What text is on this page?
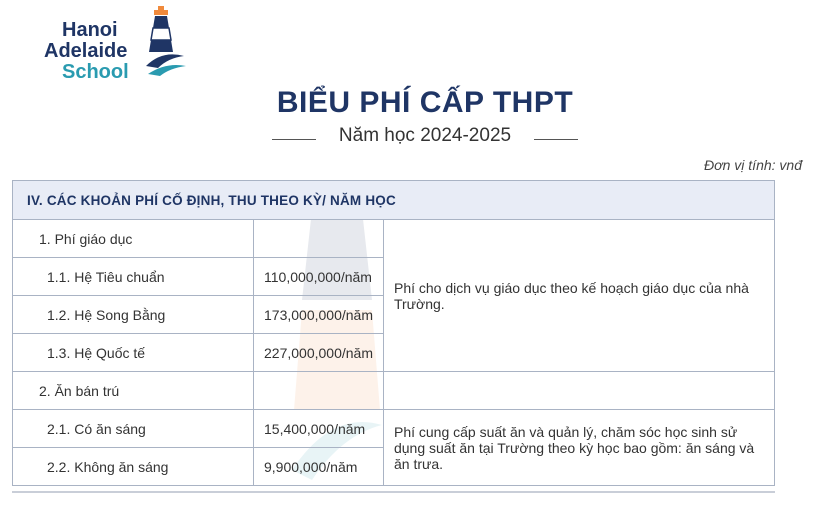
Hanoi
Adelaide
School
BIỂU PHÍ CẤP THPT
Năm học 2024-2025
Đơn vị tính: vnđ
IV. CÁC KHOẢN PHÍ CỐ ĐỊNH, THU THEO KỲ/ NĂM HỌC		
1. Phí giáo dục		Phí cho dịch vụ giáo dục theo kế hoạch giáo dục của nhà Trường.
1.1. Hệ Tiêu chuẩn	110,000,000/năm	
1.2. Hệ Song Bằng	173,000,000/năm	
1.3. Hệ Quốc tế	227,000,000/năm	
2. Ăn bán trú		
2.1. Có ăn sáng	15,400,000/năm	Phí cung cấp suất ăn và quản lý, chăm sóc học sinh sử dụng suất ăn tại Trường theo kỳ học bao gồm: ăn sáng và ăn trưa.
2.2. Không ăn sáng	9,900,000/năm	
